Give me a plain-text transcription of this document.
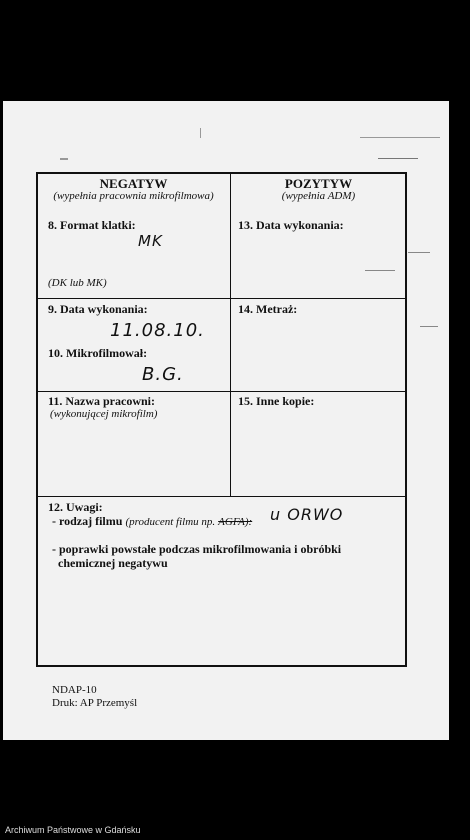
NEGATYW
(wypełnia pracownia mikrofilmowa)
POZYTYW
(wypełnia ADM)
8. Format klatki:
MK
(DK lub MK)
13. Data wykonania:
9. Data wykonania:
11.08.10.
14. Metraż:
10. Mikrofilmował:
B.G.
11. Nazwa pracowni:
(wykonującej mikrofilm)
15. Inne kopie:
12. Uwagi:
- rodzaj filmu (producent filmu np. AGFA): u ORWO
- poprawki powstałe podczas mikrofilmowania i obróbki
chemicznej negatywu
NDAP-10
Druk: AP Przemyśl
Archiwum Państwowe w Gdańsku
